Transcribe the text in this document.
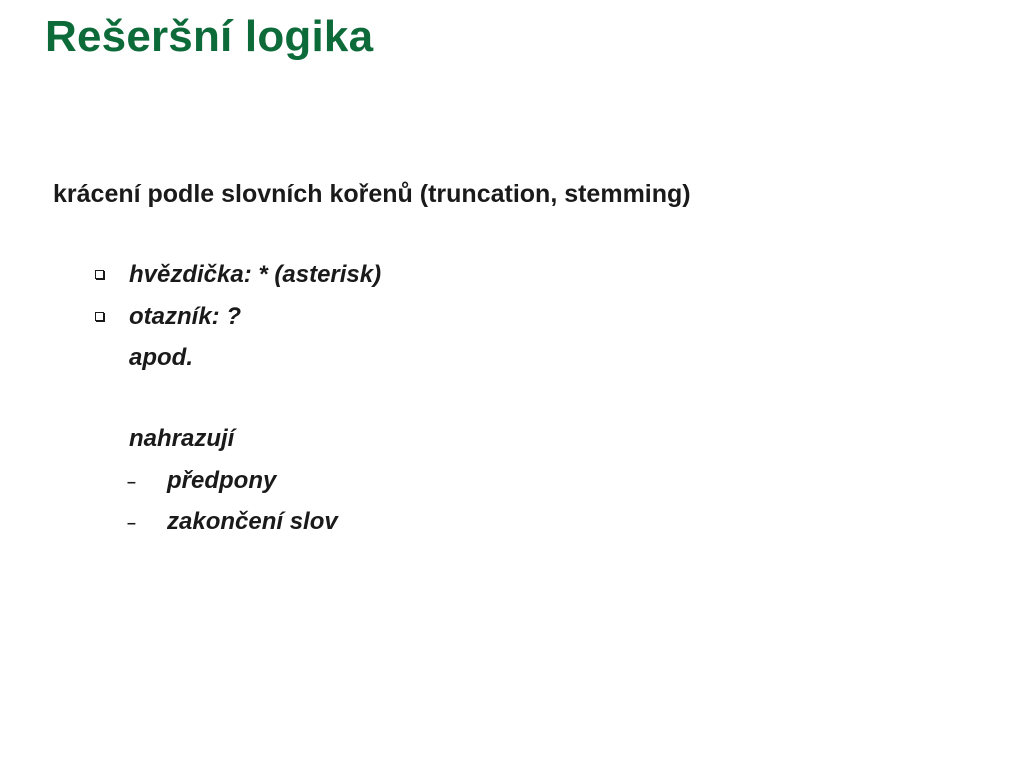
Rešeršní logika

krácení podle slovních kořenů (truncation, stemming)

hvězdička: * (asterisk)
otazník: ?
apod.
nahrazují
– předpony
– zakončení slov
